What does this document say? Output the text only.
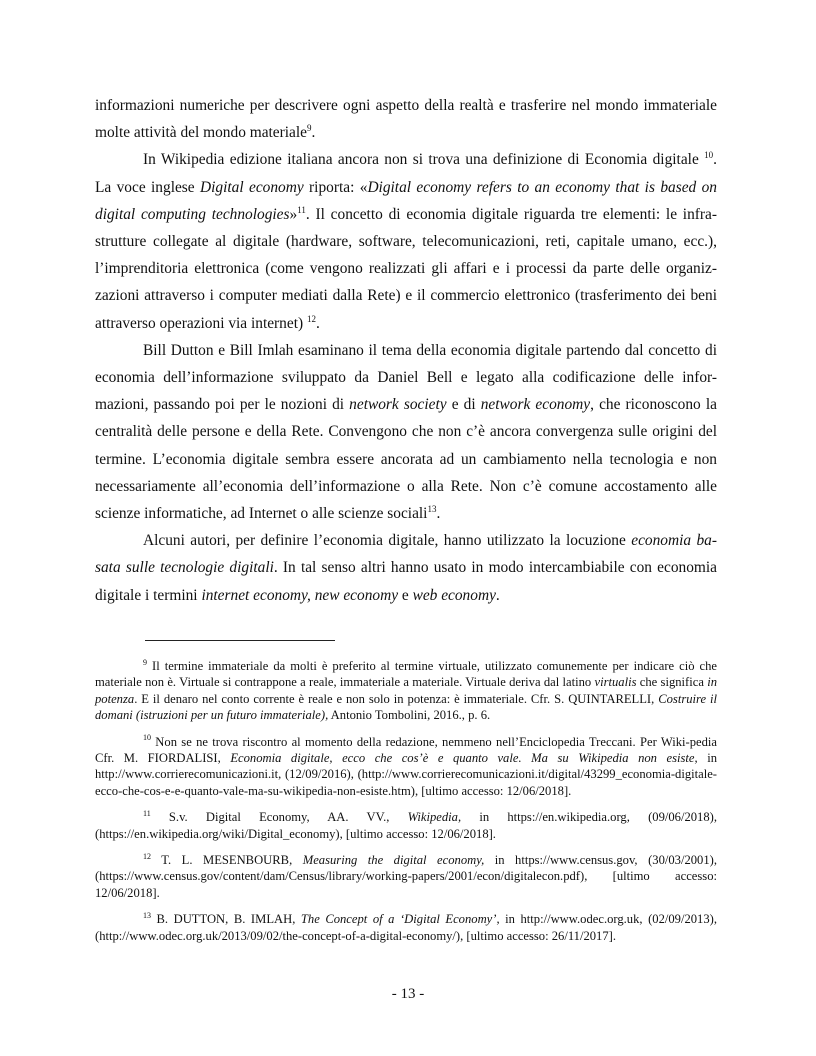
informazioni numeriche per descrivere ogni aspetto della realtà e trasferire nel mondo immateriale molte attività del mondo materiale$^9$.

In Wikipedia edizione italiana ancora non si trova una definizione di Economia digitale $^{10}$. La voce inglese Digital economy riporta: «Digital economy refers to an economy that is based on digital computing technologies»$^{11}$. Il concetto di economia digitale riguarda tre elementi: le infra-strutture collegate al digitale (hardware, software, telecomunicazioni, reti, capitale umano, ecc.), l’imprenditoria elettronica (come vengono realizzati gli affari e i processi da parte delle organiz-zazioni attraverso i computer mediati dalla Rete) e il commercio elettronico (trasferimento dei beni attraverso operazioni via internet) $^{12}$.

Bill Dutton e Bill Imlah esaminano il tema della economia digitale partendo dal concetto di economia dell’informazione sviluppato da Daniel Bell e legato alla codificazione delle infor-mazioni, passando poi per le nozioni di network society e di network economy, che riconoscono la centralità delle persone e della Rete. Convengono che non c’è ancora convergenza sulle origini del termine. L’economia digitale sembra essere ancorata ad un cambiamento nella tecnologia e non necessariamente all’economia dell’informazione o alla Rete. Non c’è comune accostamento alle scienze informatiche, ad Internet o alle scienze sociali$^{13}$.

Alcuni autori, per definire l’economia digitale, hanno utilizzato la locuzione economia ba-sata sulle tecnologie digitali. In tal senso altri hanno usato in modo intercambiabile con economia digitale i termini internet economy, new economy e web economy.

$^9$ Il termine immateriale da molti è preferito al termine virtuale, utilizzato comunemente per indicare ciò che materiale non è. Virtuale si contrappone a reale, immateriale a materiale. Virtuale deriva dal latino virtualis che significa in potenza. E il denaro nel conto corrente è reale e non solo in potenza: è immateriale. Cfr. S. QUINTARELLI, Costruire il domani (istruzioni per un futuro immateriale), Antonio Tombolini, 2016., p. 6.

$^{10}$ Non se ne trova riscontro al momento della redazione, nemmeno nell’Enciclopedia Treccani. Per Wiki-pedia Cfr. M. FIORDALISI, Economia digitale, ecco che cos’è e quanto vale. Ma su Wikipedia non esiste, in http://www.corrierecomunicazioni.it, (12/09/2016), (http://www.corrierecomunicazioni.it/digital/43299_economia-digitale-ecco-che-cos-e-e-quanto-vale-ma-su-wikipedia-non-esiste.htm), [ultimo accesso: 12/06/2018].

$^{11}$ S.v. Digital Economy, AA. VV., Wikipedia, in https://en.wikipedia.org, (09/06/2018), (https://en.wikipedia.org/wiki/Digital_economy), [ultimo accesso: 12/06/2018].

$^{12}$ T. L. MESENBOURB, Measuring the digital economy, in https://www.census.gov, (30/03/2001), (https://www.census.gov/content/dam/Census/library/working-papers/2001/econ/digitalecon.pdf), [ultimo accesso: 12/06/2018].

$^{13}$ B. DUTTON, B. IMLAH, The Concept of a ‘Digital Economy’, in http://www.odec.org.uk, (02/09/2013), (http://www.odec.org.uk/2013/09/02/the-concept-of-a-digital-economy/), [ultimo accesso: 26/11/2017].

- 13 -
